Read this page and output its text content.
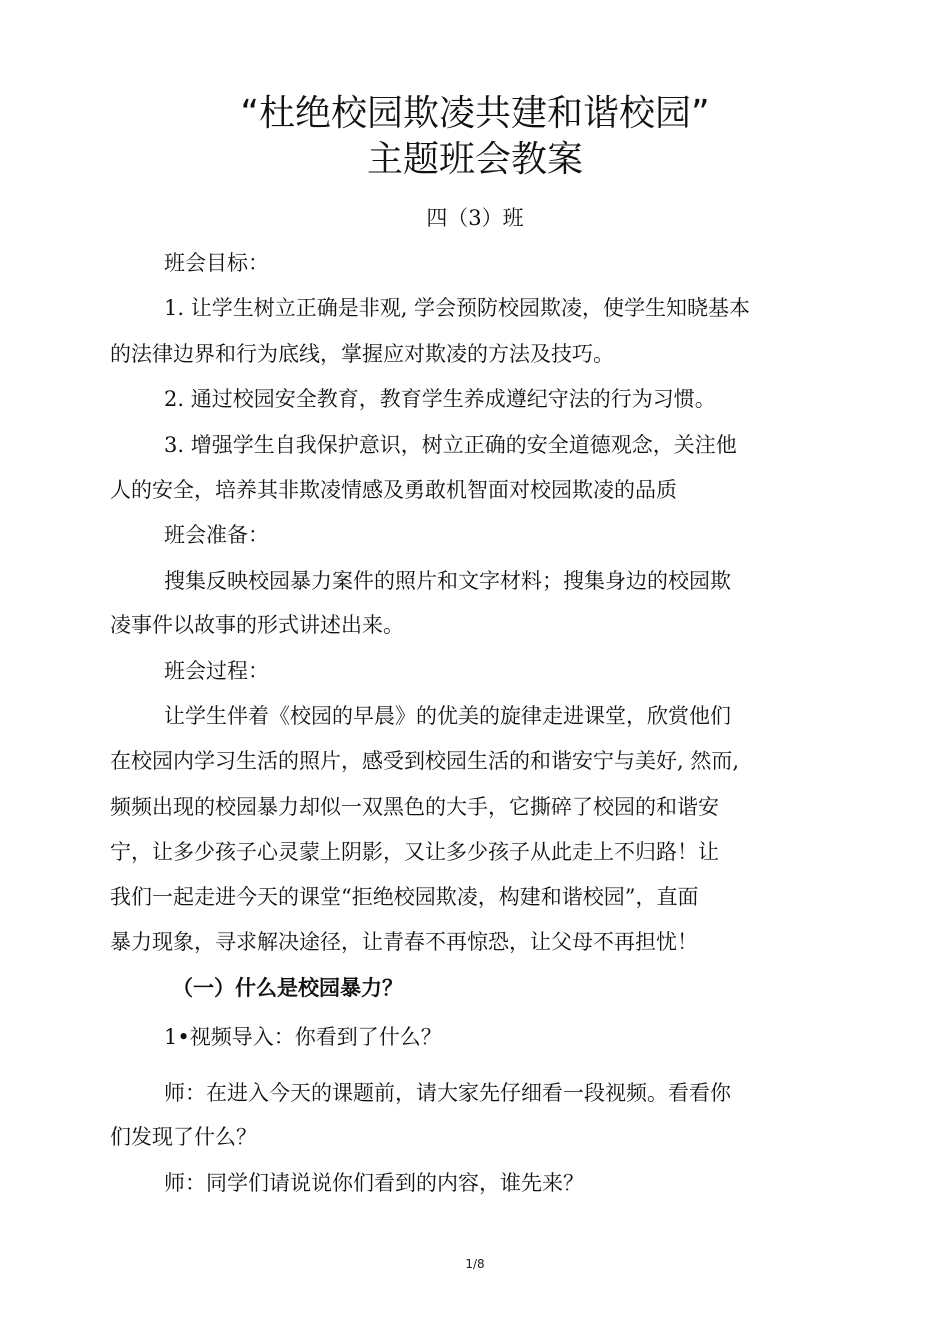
“杜绝校园欺凌共建和谐校园”
主题班会教案
四（3）班
班会目标：
1. 让学生树立正确是非观, 学会预防校园欺凌，使学生知晓基本
的法律边界和行为底线，掌握应对欺凌的方法及技巧。
2. 通过校园安全教育，教育学生养成遵纪守法的行为习惯。
3. 增强学生自我保护意识，树立正确的安全道德观念，关注他
人的安全，培养其非欺凌情感及勇敢机智面对校园欺凌的品质
班会准备：
搜集反映校园暴力案件的照片和文字材料；搜集身边的校园欺
凌事件以故事的形式讲述出来。
班会过程：
让学生伴着《校园的早晨》的优美的旋律走进课堂，欣赏他们
在校园内学习生活的照片，感受到校园生活的和谐安宁与美好, 然而,
频频出现的校园暴力却似一双黑色的大手，它撕碎了校园的和谐安
宁，让多少孩子心灵蒙上阴影，又让多少孩子从此走上不归路！让
我们一起走进今天的课堂“拒绝校园欺凌，构建和谐校园”，直面
暴力现象，寻求解决途径，让青春不再惊恐，让父母不再担忧！
（一）什么是校园暴力？
1•视频导入：你看到了什么？
师：在进入今天的课题前，请大家先仔细看一段视频。看看你
们发现了什么？
师：同学们请说说你们看到的内容，谁先来？
1/8
